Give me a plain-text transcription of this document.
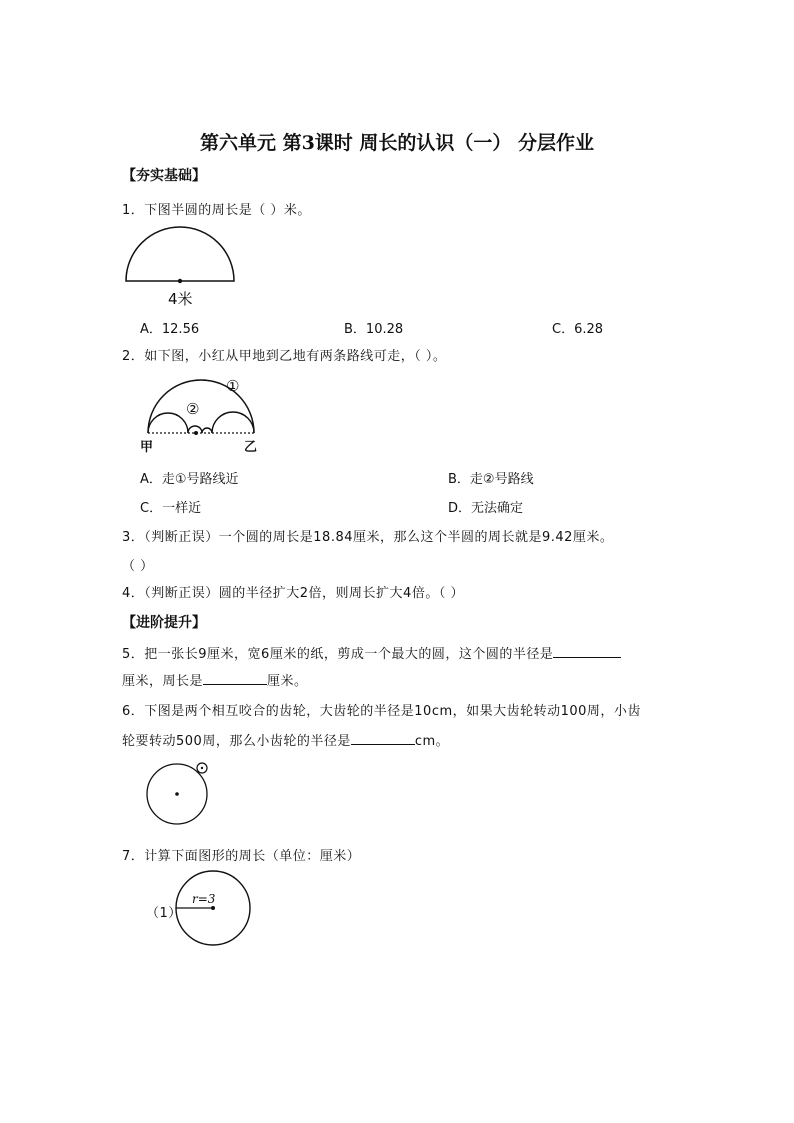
第六单元 第3课时 周长的认识（一） 分层作业
【夯实基础】
1．下图半圆的周长是（ ）米。
4米
A．12.56	B．10.28	C．6.28
2．如下图，小红从甲地到乙地有两条路线可走，（ ）。
①
②
甲	乙
A．走①号路线近	B．走②号路线
C．一样近	D．无法确定
3．（判断正误）一个圆的周长是18.84厘米，那么这个半圆的周长就是9.42厘米。
（ ）
4．（判断正误）圆的半径扩大2倍，则周长扩大4倍。（ ）
【进阶提升】
5．把一张长9厘米，宽6厘米的纸，剪成一个最大的圆，这个圆的半径是
厘米，周长是	厘米。
6．下图是两个相互咬合的齿轮，大齿轮的半径是10cm，如果大齿轮转动100周，小齿
轮要转动500周，那么小齿轮的半径是	cm。
7．计算下面图形的周长（单位：厘米）
（1）
r=3
